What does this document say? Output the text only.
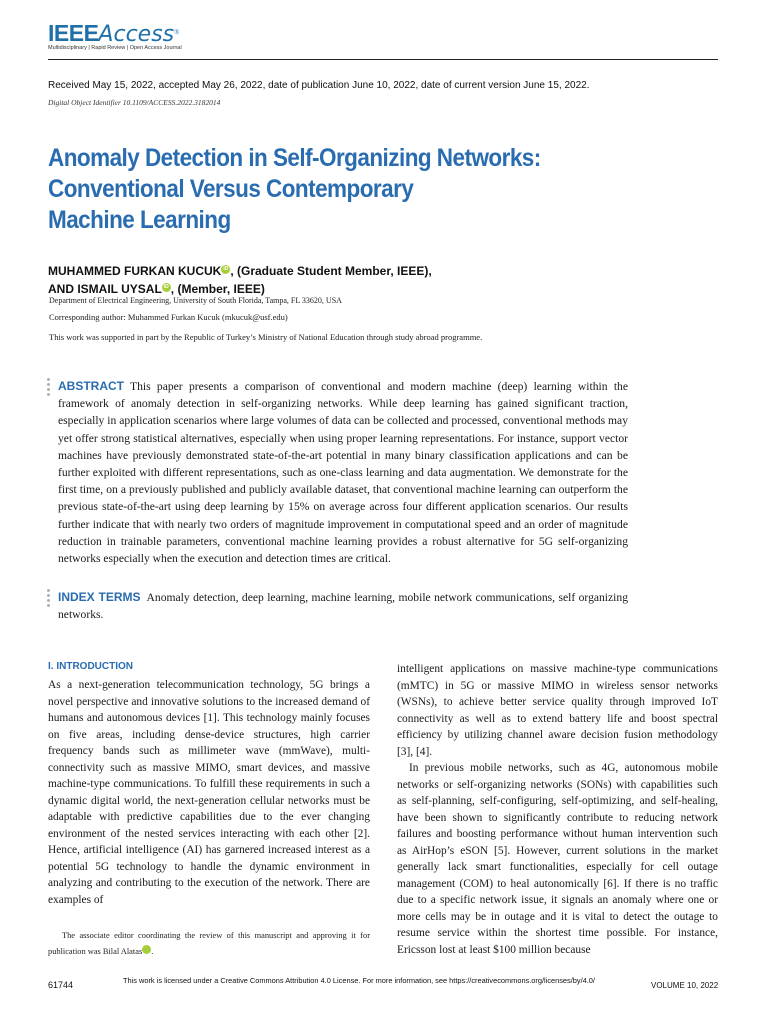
IEEEAccess®
Multidisciplinary | Rapid Review | Open Access Journal
Received May 15, 2022, accepted May 26, 2022, date of publication June 10, 2022, date of current version June 15, 2022.
Digital Object Identifier 10.1109/ACCESS.2022.3182014
Anomaly Detection in Self-Organizing Networks:
Conventional Versus Contemporary
Machine Learning
MUHAMMED FURKAN KUCUK iD , (Graduate Student Member, IEEE),
AND ISMAIL UYSAL iD , (Member, IEEE)
Department of Electrical Engineering, University of South Florida, Tampa, FL 33620, USA
Corresponding author: Muhammed Furkan Kucuk (mkucuk@usf.edu)
This work was supported in part by the Republic of Turkey’s Ministry of National Education through study abroad programme.
ABSTRACT This paper presents a comparison of conventional and modern machine (deep) learning within the framework of anomaly detection in self-organizing networks. While deep learning has gained significant traction, especially in application scenarios where large volumes of data can be collected and processed, conventional methods may yet offer strong statistical alternatives, especially when using proper learning representations. For instance, support vector machines have previously demonstrated state-of-the-art potential in many binary classification applications and can be further exploited with different representations, such as one-class learning and data augmentation. We demonstrate for the first time, on a previously published and publicly available dataset, that conventional machine learning can outperform the previous state-of-the-art using deep learning by 15% on average across four different application scenarios. Our results further indicate that with nearly two orders of magnitude improvement in computational speed and an order of magnitude reduction in trainable parameters, conventional machine learning provides a robust alternative for 5G self-organizing networks especially when the execution and detection times are critical.
INDEX TERMS Anomaly detection, deep learning, machine learning, mobile network communications, self organizing networks.
I. INTRODUCTION
As a next-generation telecommunication technology, 5G brings a novel perspective and innovative solutions to the increased demand of humans and autonomous devices [1]. This technology mainly focuses on five areas, including dense-device structures, high carrier frequency bands such as millimeter wave (mmWave), multi-connectivity such as massive MIMO, smart devices, and massive machine-type communications. To fulfill these requirements in such a dynamic digital world, the next-generation cellular networks must be adaptable with predictive capabilities due to the ever changing environment of the nested services interacting with each other [2]. Hence, artificial intelligence (AI) has garnered increased interest as a potential 5G technology to handle the dynamic environment in analyzing and contributing to the execution of the network. There are examples of

intelligent applications on massive machine-type communications (mMTC) in 5G or massive MIMO in wireless sensor networks (WSNs), to achieve better service quality through improved IoT connectivity as well as to extend battery life and boost spectral efficiency by utilizing channel aware decision fusion methodology [3], [4].

In previous mobile networks, such as 4G, autonomous mobile networks or self-organizing networks (SONs) with capabilities such as self-planning, self-configuring, self-optimizing, and self-healing, have been shown to significantly contribute to reducing network failures and boosting performance without human intervention such as AirHop’s eSON [5]. However, current solutions in the market generally lack smart functionalities, especially for cell outage management (COM) to heal autonomically [6]. If there is no traffic due to a specific network issue, it signals an anomaly where one or more cells may be in outage and it is vital to detect the outage to resume service within the shortest time possible. For instance, Ericsson lost at least $100 million because

The associate editor coordinating the review of this manuscript and approving it for publication was Bilal Alatas	iD.
61744	This work is licensed under a Creative Commons Attribution 4.0 License. For more information, see https://creativecommons.org/licenses/by/4.0/
VOLUME 10, 2022
